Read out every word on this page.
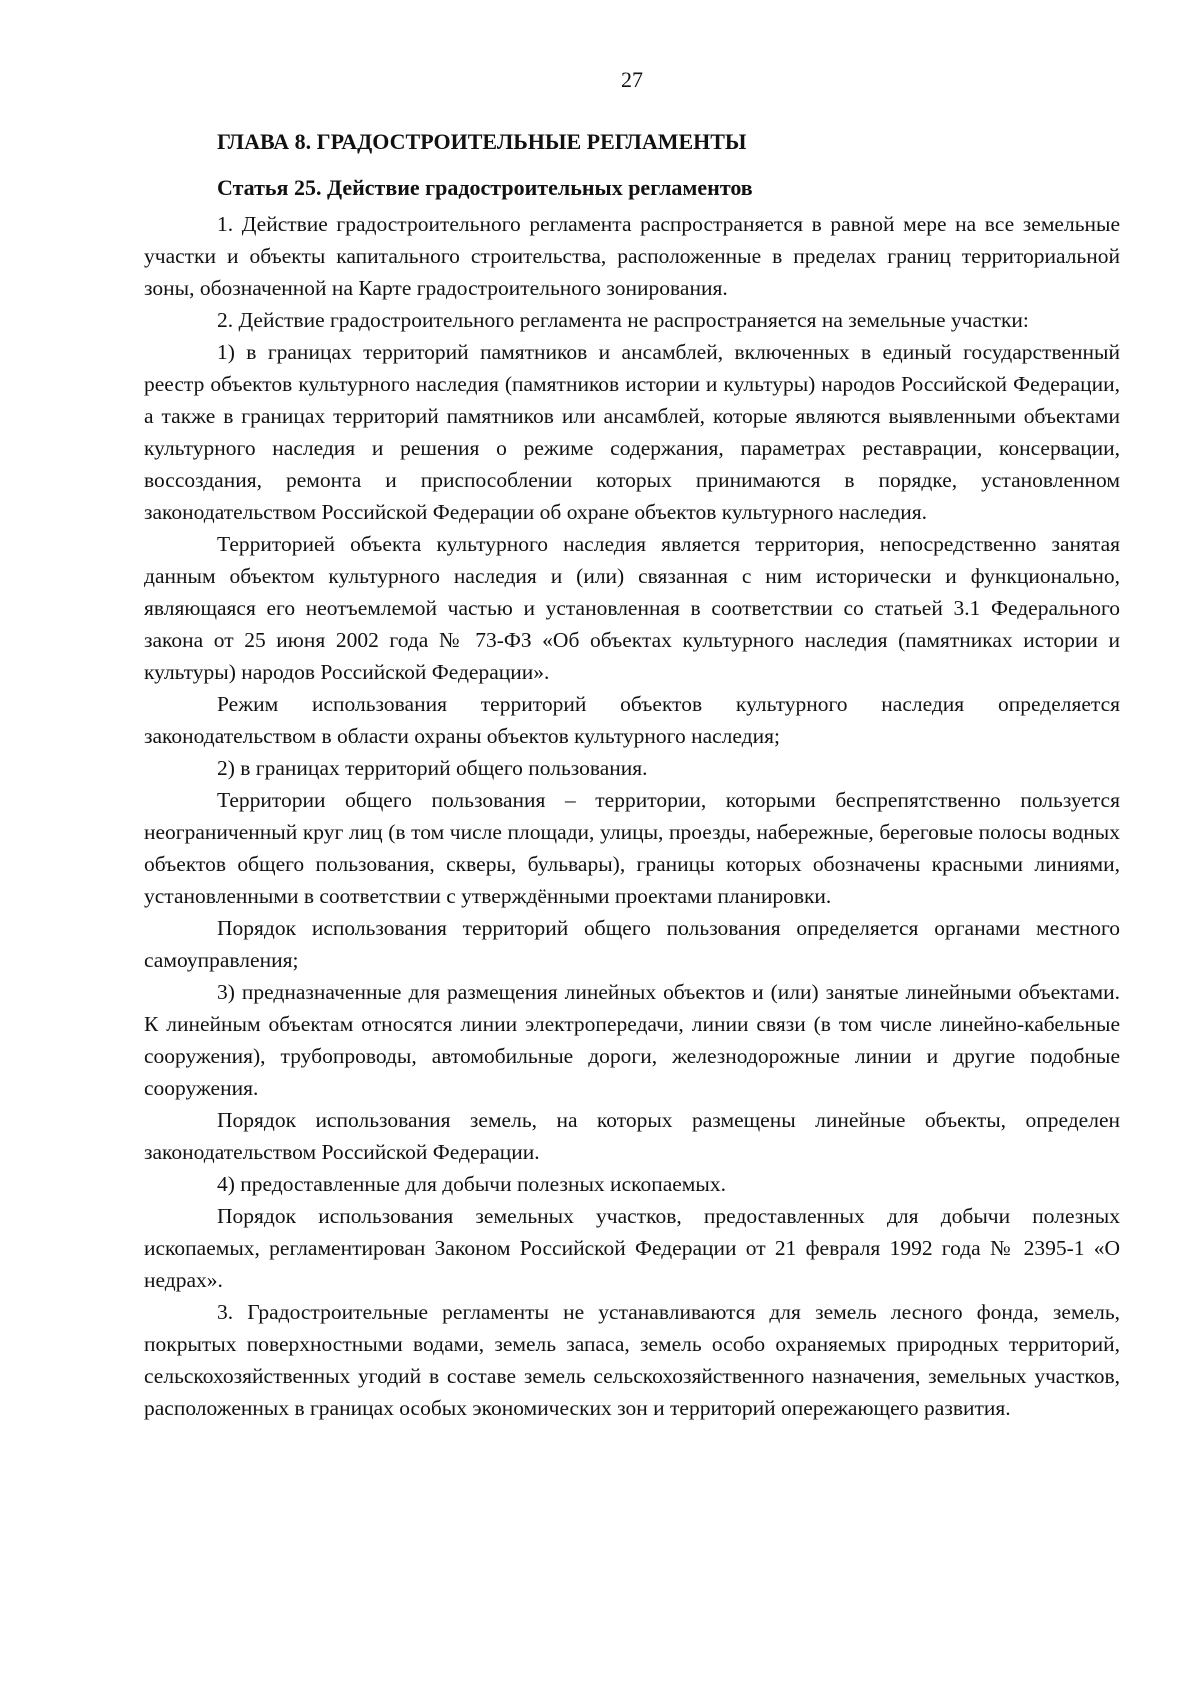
27
ГЛАВА 8. ГРАДОСТРОИТЕЛЬНЫЕ РЕГЛАМЕНТЫ
Статья 25. Действие градостроительных регламентов

1. Действие градостроительного регламента распространяется в равной мере на все земельные участки и объекты капитального строительства, расположенные в пределах границ территориальной зоны, обозначенной на Карте градостроительного зонирования.

2. Действие градостроительного регламента не распространяется на земельные участки:

1) в границах территорий памятников и ансамблей, включенных в единый государственный реестр объектов культурного наследия (памятников истории и культуры) народов Российской Федерации, а также в границах территорий памятников или ансамблей, которые являются выявленными объектами культурного наследия и решения о режиме содержания, параметрах реставрации, консервации, воссоздания, ремонта и приспособлении которых принимаются в порядке, установленном законодательством Российской Федерации об охране объектов культурного наследия.

Территорией объекта культурного наследия является территория, непосредственно занятая данным объектом культурного наследия и (или) связанная с ним исторически и функционально, являющаяся его неотъемлемой частью и установленная в соответствии со статьей 3.1 Федерального закона от 25 июня 2002 года № 73-ФЗ «Об объектах культурного наследия (памятниках истории и культуры) народов Российской Федерации».

Режим использования территорий объектов культурного наследия определяется законодательством в области охраны объектов культурного наследия;

2) в границах территорий общего пользования.

Территории общего пользования – территории, которыми беспрепятственно пользуется неограниченный круг лиц (в том числе площади, улицы, проезды, набережные, береговые полосы водных объектов общего пользования, скверы, бульвары), границы которых обозначены красными линиями, установленными в соответствии с утверждёнными проектами планировки.

Порядок использования территорий общего пользования определяется органами местного самоуправления;

3) предназначенные для размещения линейных объектов и (или) занятые линейными объектами. К линейным объектам относятся линии электропередачи, линии связи (в том числе линейно-кабельные сооружения), трубопроводы, автомобильные дороги, железнодорожные линии и другие подобные сооружения.

Порядок использования земель, на которых размещены линейные объекты, определен законодательством Российской Федерации.

4) предоставленные для добычи полезных ископаемых.

Порядок использования земельных участков, предоставленных для добычи полезных ископаемых, регламентирован Законом Российской Федерации от 21 февраля 1992 года № 2395-1 «О недрах».

3. Градостроительные регламенты не устанавливаются для земель лесного фонда, земель, покрытых поверхностными водами, земель запаса, земель особо охраняемых природных территорий, сельскохозяйственных угодий в составе земель сельскохозяйственного назначения, земельных участков, расположенных в границах особых экономических зон и территорий опережающего развития.
